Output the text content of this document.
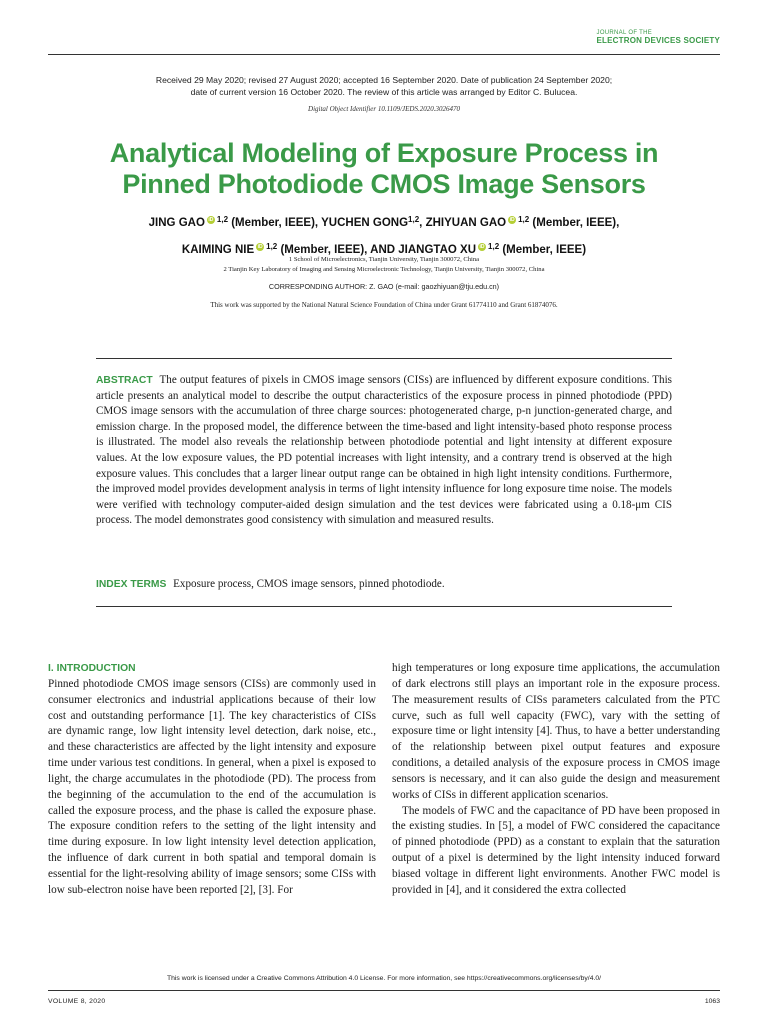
JOURNAL OF THE
ELECTRON DEVICES SOCIETY
Received 29 May 2020; revised 27 August 2020; accepted 16 September 2020. Date of publication 24 September 2020;
date of current version 16 October 2020. The review of this article was arranged by Editor C. Bulucea.
Digital Object Identifier 10.1109/JEDS.2020.3026470
Analytical Modeling of Exposure Process in
Pinned Photodiode CMOS Image Sensors
JING GAO iD $^{1,2}$ (Member, IEEE), YUCHEN GONG$^{1,2}$, ZHIYUAN GAO iD $^{1,2}$ (Member, IEEE),
KAIMING NIE iD $^{1,2}$ (Member, IEEE), AND JIANGTAO XU iD $^{1,2}$ (Member, IEEE)
1 School of Microelectronics, Tianjin University, Tianjin 300072, China
2 Tianjin Key Laboratory of Imaging and Sensing Microelectronic Technology, Tianjin University, Tianjin 300072, China
CORRESPONDING AUTHOR: Z. GAO (e-mail: gaozhiyuan@tju.edu.cn)
This work was supported by the National Natural Science Foundation of China under Grant 61774110 and Grant 61874076.
ABSTRACT The output features of pixels in CMOS image sensors (CISs) are influenced by different exposure conditions. This article presents an analytical model to describe the output characteristics of the exposure process in pinned photodiode (PPD) CMOS image sensors with the accumulation of three charge sources: photogenerated charge, p-n junction-generated charge, and emission charge. In the proposed model, the difference between the time-based and light intensity-based photo response process is illustrated. The model also reveals the relationship between photodiode potential and light intensity at different exposure values. At the low exposure values, the PD potential increases with light intensity, and a contrary trend is observed at the high exposure values. This concludes that a larger linear output range can be obtained in high light intensity conditions. Furthermore, the improved model provides development analysis in terms of light intensity influence for long exposure time noise. The models were verified with technology computer-aided design simulation and the test devices were fabricated using a 0.18-μm CIS process. The model demonstrates good consistency with simulation and measured results.
INDEX TERMS Exposure process, CMOS image sensors, pinned photodiode.
I. INTRODUCTION

Pinned photodiode CMOS image sensors (CISs) are commonly used in consumer electronics and industrial applications because of their low cost and outstanding performance [1]. The key characteristics of CISs are dynamic range, low light intensity level detection, dark noise, etc., and these characteristics are affected by the light intensity and exposure time under various test conditions. In general, when a pixel is exposed to light, the charge accumulates in the photodiode (PD). The process from the beginning of the accumulation to the end of the accumulation is called the exposure process, and the phase is called the exposure phase. The exposure condition refers to the setting of the light intensity and time during exposure. In low light intensity level detection application, the influence of dark current in both spatial and temporal domain is essential for the light-resolving ability of image sensors; some CISs with low sub-electron noise have been reported [2], [3]. For

high temperatures or long exposure time applications, the accumulation of dark electrons still plays an important role in the exposure process. The measurement results of CISs parameters calculated from the PTC curve, such as full well capacity (FWC), vary with the setting of exposure time or light intensity [4]. Thus, to have a better understanding of the relationship between pixel output features and exposure conditions, a detailed analysis of the exposure process in CMOS image sensors is necessary, and it can also guide the design and measurement works of CISs in different application scenarios.

The models of FWC and the capacitance of PD have been proposed in the existing studies. In [5], a model of FWC considered the capacitance of pinned photodiode (PPD) as a constant to explain that the saturation output of a pixel is determined by the light intensity induced forward biased voltage in different light environments. Another FWC model is provided in [4], and it considered the extra collected

This work is licensed under a Creative Commons Attribution 4.0 License. For more information, see https://creativecommons.org/licenses/by/4.0/
VOLUME 8, 2020	1063
